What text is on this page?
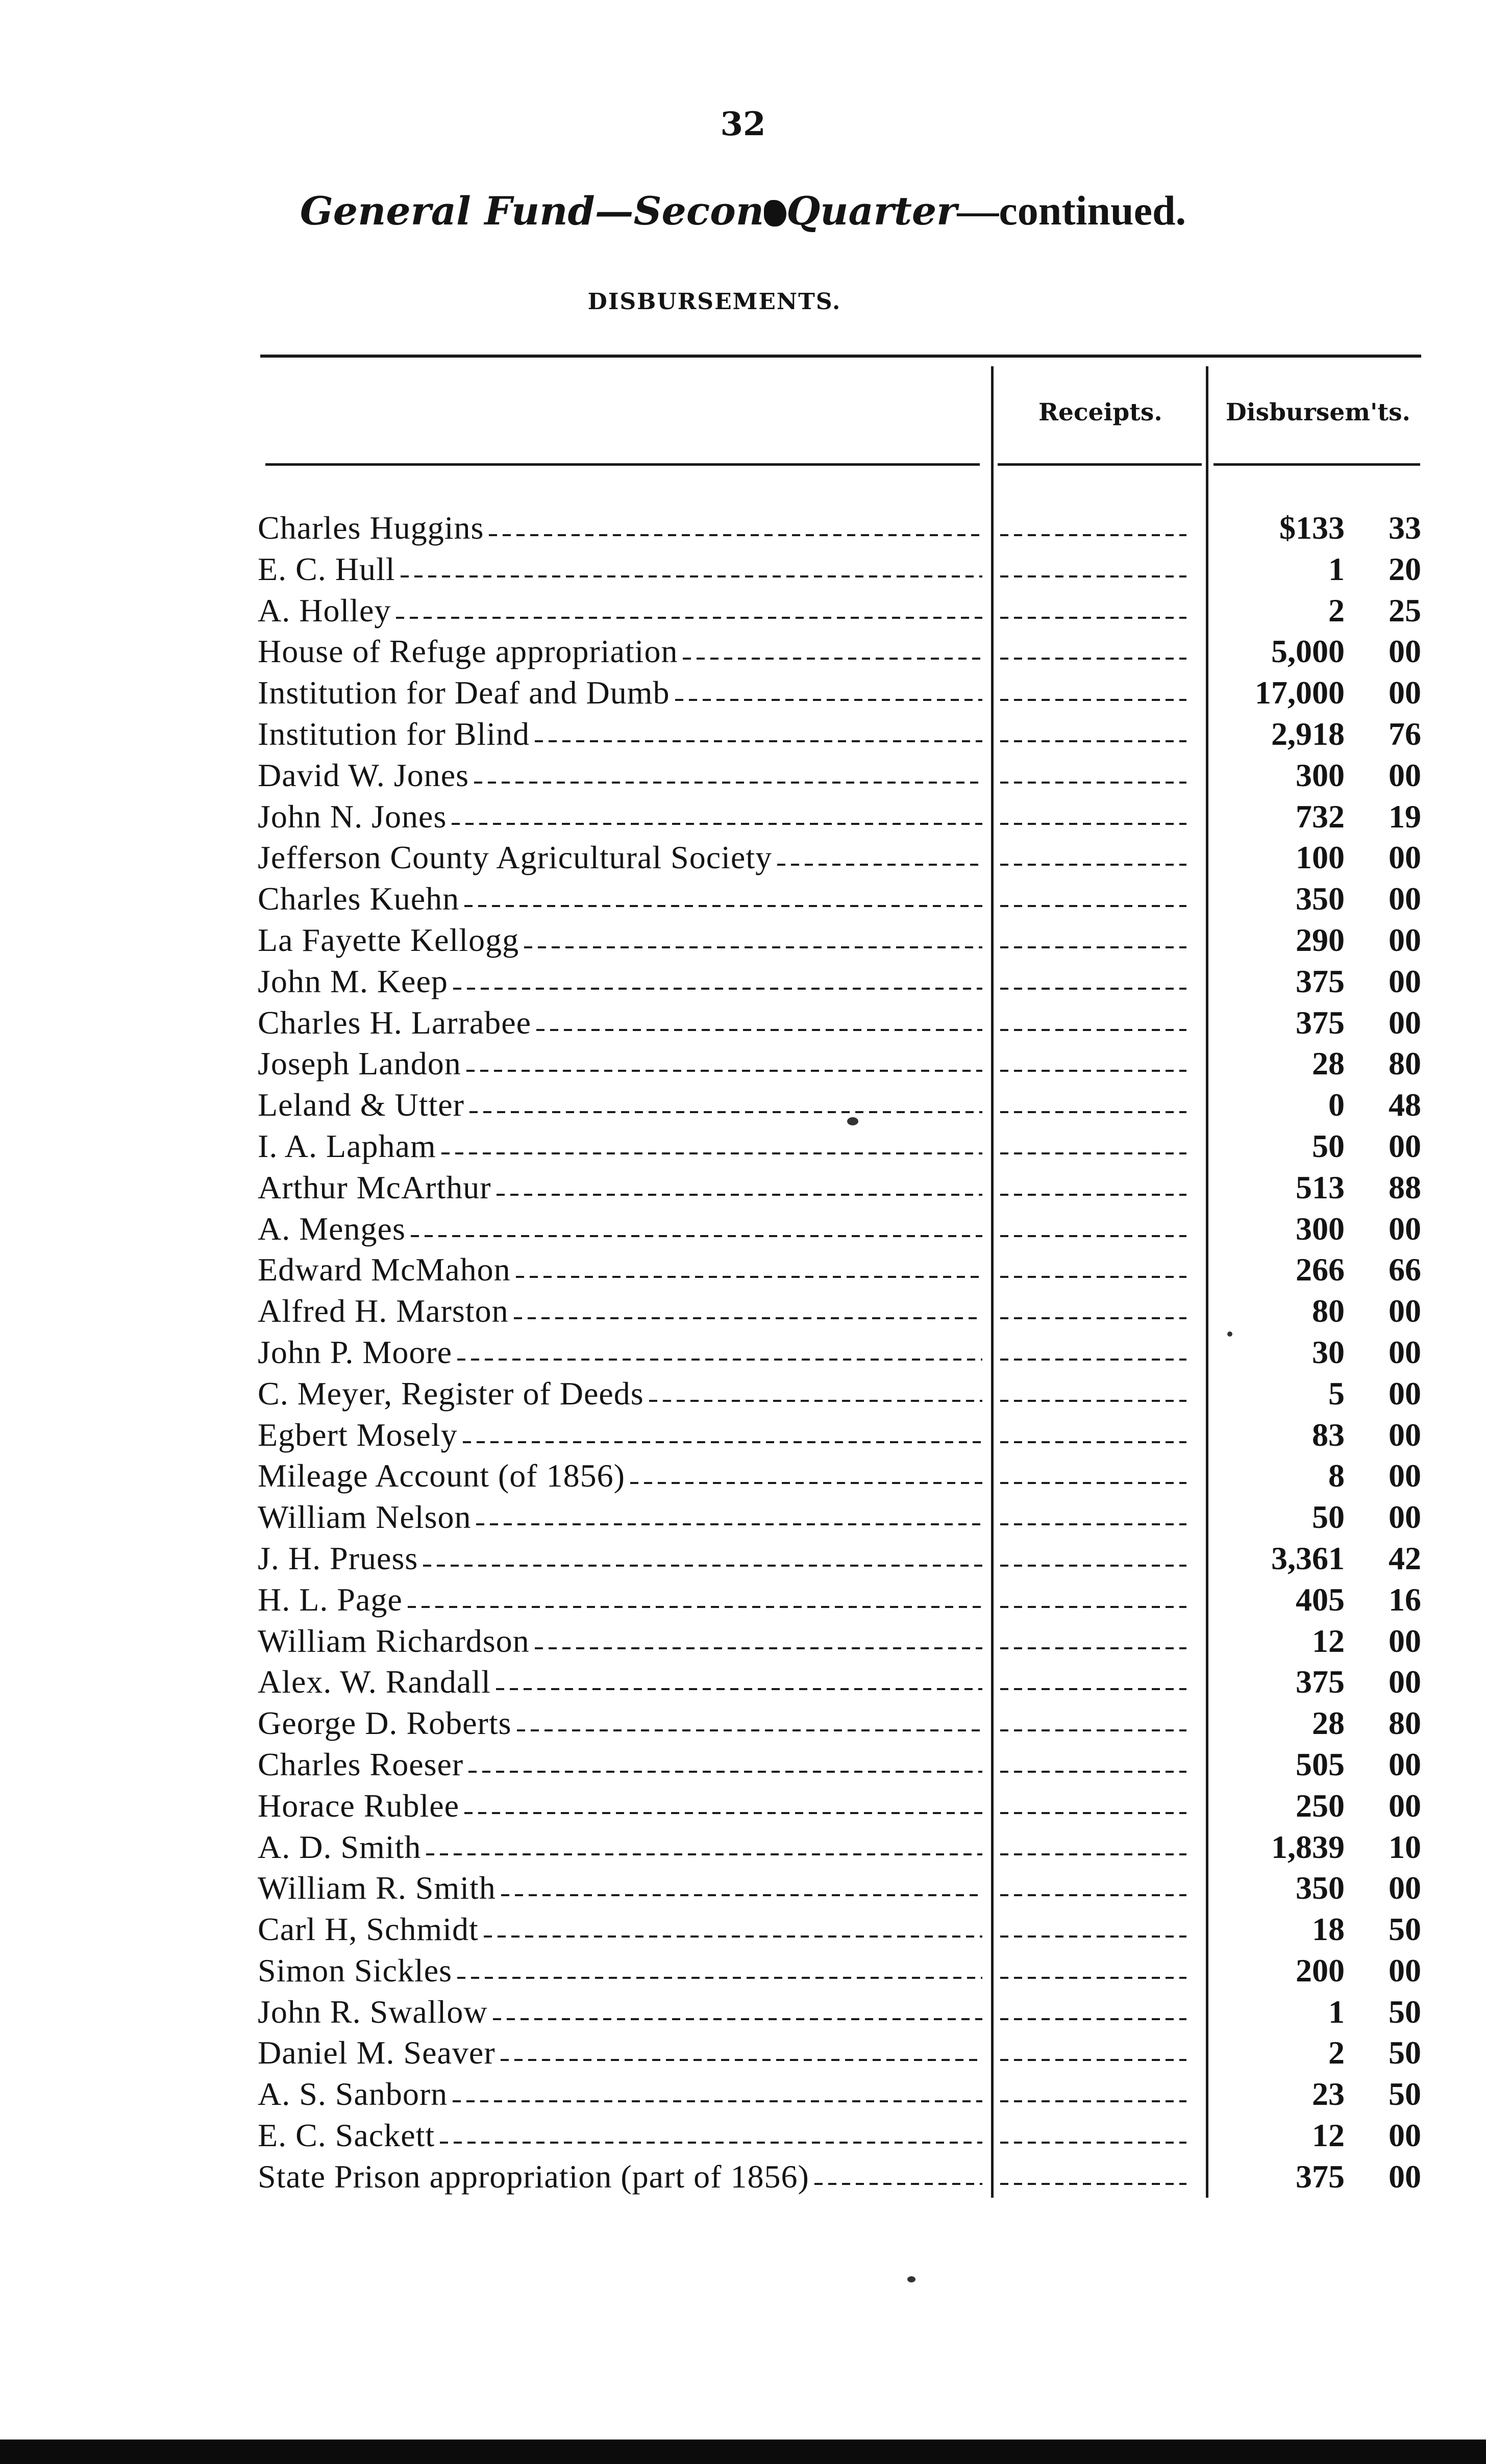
32
General Fund—Secon Quarter—continued.
DISBURSEMENTS.
Receipts.	Disbursem'ts.
Charles Huggins	$133	33
E. C. Hull	1	20
A. Holley	2	25
House of Refuge appropriation	5,000	00
Institution for Deaf and Dumb	17,000	00
Institution for Blind	2,918	76
David W. Jones	300	00
John N. Jones	732	19
Jefferson County Agricultural Society	100	00
Charles Kuehn	350	00
La Fayette Kellogg	290	00
John M. Keep	375	00
Charles H. Larrabee	375	00
Joseph Landon	28	80
Leland & Utter	0	48
I. A. Lapham	50	00
Arthur McArthur	513	88
A. Menges	300	00
Edward McMahon	266	66
Alfred H. Marston	80	00
John P. Moore	30	00
C. Meyer, Register of Deeds	5	00
Egbert Mosely	83	00
Mileage Account (of 1856)	8	00
William Nelson	50	00
J. H. Pruess	3,361	42
H. L. Page	405	16
William Richardson	12	00
Alex. W. Randall	375	00
George D. Roberts	28	80
Charles Roeser	505	00
Horace Rublee	250	00
A. D. Smith	1,839	10
William R. Smith	350	00
Carl H, Schmidt	18	50
Simon Sickles	200	00
John R. Swallow	1	50
Daniel M. Seaver	2	50
A. S. Sanborn	23	50
E. C. Sackett	12	00
State Prison appropriation (part of 1856)	375	00
